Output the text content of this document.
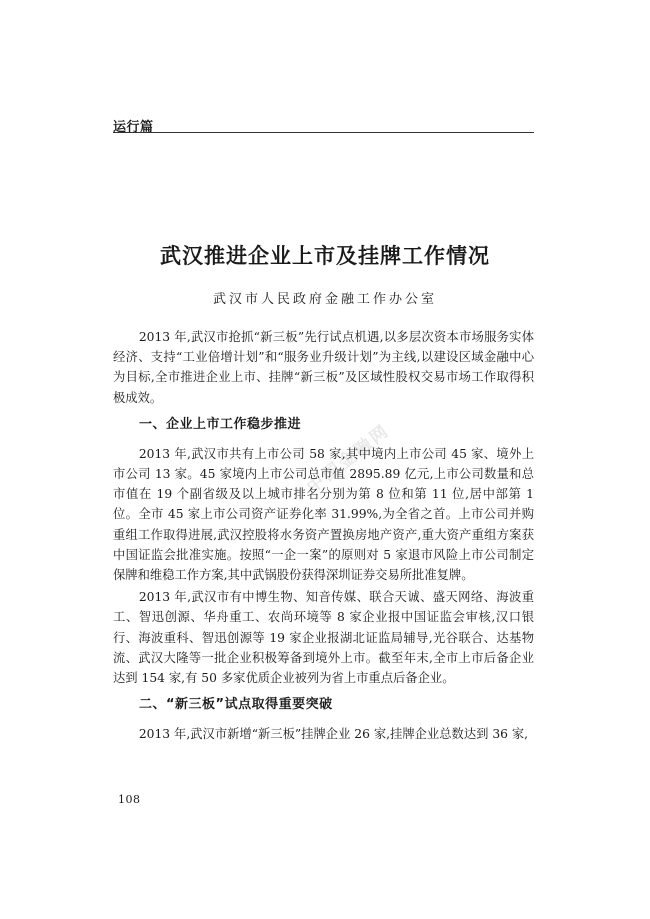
运行篇
中国金融网
武汉推进企业上市及挂牌工作情况
武汉市人民政府金融工作办公室

2013 年,武汉市抢抓“新三板”先行试点机遇,以多层次资本市场服务实体经济、支持“工业倍增计划”和“服务业升级计划”为主线,以建设区域金融中心为目标,全市推进企业上市、挂牌“新三板”及区域性股权交易市场工作取得积极成效。

一、企业上市工作稳步推进

2013 年,武汉市共有上市公司 58 家,其中境内上市公司 45 家、境外上市公司 13 家。45 家境内上市公司总市值 2895.89 亿元,上市公司数量和总市值在 19 个副省级及以上城市排名分别为第 8 位和第 11 位,居中部第 1 位。全市 45 家上市公司资产证券化率 31.99%,为全省之首。上市公司并购重组工作取得进展,武汉控股将水务资产置换房地产资产,重大资产重组方案获中国证监会批准实施。按照“一企一案”的原则对 5 家退市风险上市公司制定保牌和维稳工作方案,其中武锅股份获得深圳证券交易所批准复牌。

2013 年,武汉市有中博生物、知音传媒、联合天诚、盛天网络、海波重工、智迅创源、华舟重工、农尚环境等 8 家企业报中国证监会审核,汉口银行、海波重科、智迅创源等 19 家企业报湖北证监局辅导,光谷联合、达基物流、武汉大隆等一批企业积极筹备到境外上市。截至年末,全市上市后备企业达到 154 家,有 50 多家优质企业被列为省上市重点后备企业。

二、“新三板”试点取得重要突破

2013 年,武汉市新增“新三板”挂牌企业 26 家,挂牌企业总数达到 36 家,

108
